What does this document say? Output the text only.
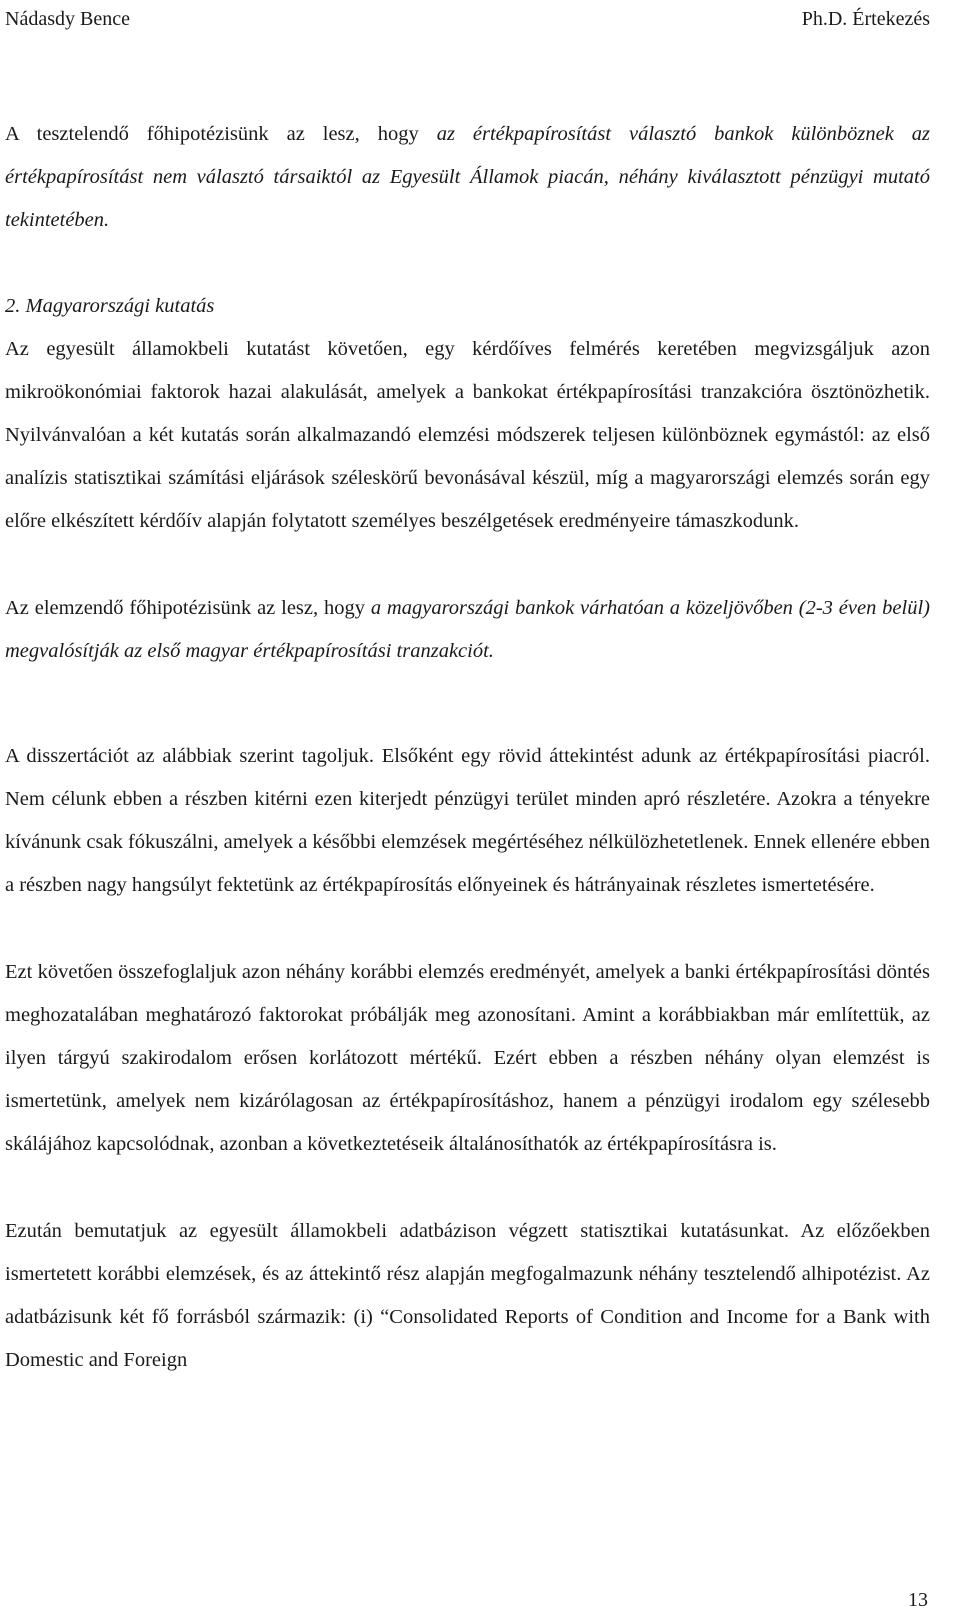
Nádasdy Bence	Ph.D. Értekezés

A tesztelendő főhipotézisünk az lesz, hogy az értékpapírosítást választó bankok különböznek az értékpapírosítást nem választó társaiktól az Egyesült Államok piacán, néhány kiválasztott pénzügyi mutató tekintetében.

2. Magyarországi kutatás

Az egyesült államokbeli kutatást követően, egy kérdőíves felmérés keretében megvizsgáljuk azon mikroökonómiai faktorok hazai alakulását, amelyek a bankokat értékpapírosítási tranzakcióra ösztönözhetik. Nyilvánvalóan a két kutatás során alkalmazandó elemzési módszerek teljesen különböznek egymástól: az első analízis statisztikai számítási eljárások széleskörű bevonásával készül, míg a magyarországi elemzés során egy előre elkészített kérdőív alapján folytatott személyes beszélgetések eredményeire támaszkodunk.

Az elemzendő főhipotézisünk az lesz, hogy a magyarországi bankok várhatóan a közeljövőben (2-3 éven belül) megvalósítják az első magyar értékpapírosítási tranzakciót.

A disszertációt az alábbiak szerint tagoljuk. Elsőként egy rövid áttekintést adunk az értékpapírosítási piacról. Nem célunk ebben a részben kitérni ezen kiterjedt pénzügyi terület minden apró részletére. Azokra a tényekre kívánunk csak fókuszálni, amelyek a későbbi elemzések megértéséhez nélkülözhetetlenek. Ennek ellenére ebben a részben nagy hangsúlyt fektetünk az értékpapírosítás előnyeinek és hátrányainak részletes ismertetésére.

Ezt követően összefoglaljuk azon néhány korábbi elemzés eredményét, amelyek a banki értékpapírosítási döntés meghozatalában meghatározó faktorokat próbálják meg azonosítani. Amint a korábbiakban már említettük, az ilyen tárgyú szakirodalom erősen korlátozott mértékű. Ezért ebben a részben néhány olyan elemzést is ismertetünk, amelyek nem kizárólagosan az értékpapírosításhoz, hanem a pénzügyi irodalom egy szélesebb skálájához kapcsolódnak, azonban a következtetéseik általánosíthatók az értékpapírosításra is.

Ezután bemutatjuk az egyesült államokbeli adatbázison végzett statisztikai kutatásunkat. Az előzőekben ismertetett korábbi elemzések, és az áttekintő rész alapján megfogalmazunk néhány tesztelendő alhipotézist. Az adatbázisunk két fő forrásból származik: (i) “Consolidated Reports of Condition and Income for a Bank with Domestic and Foreign

13
